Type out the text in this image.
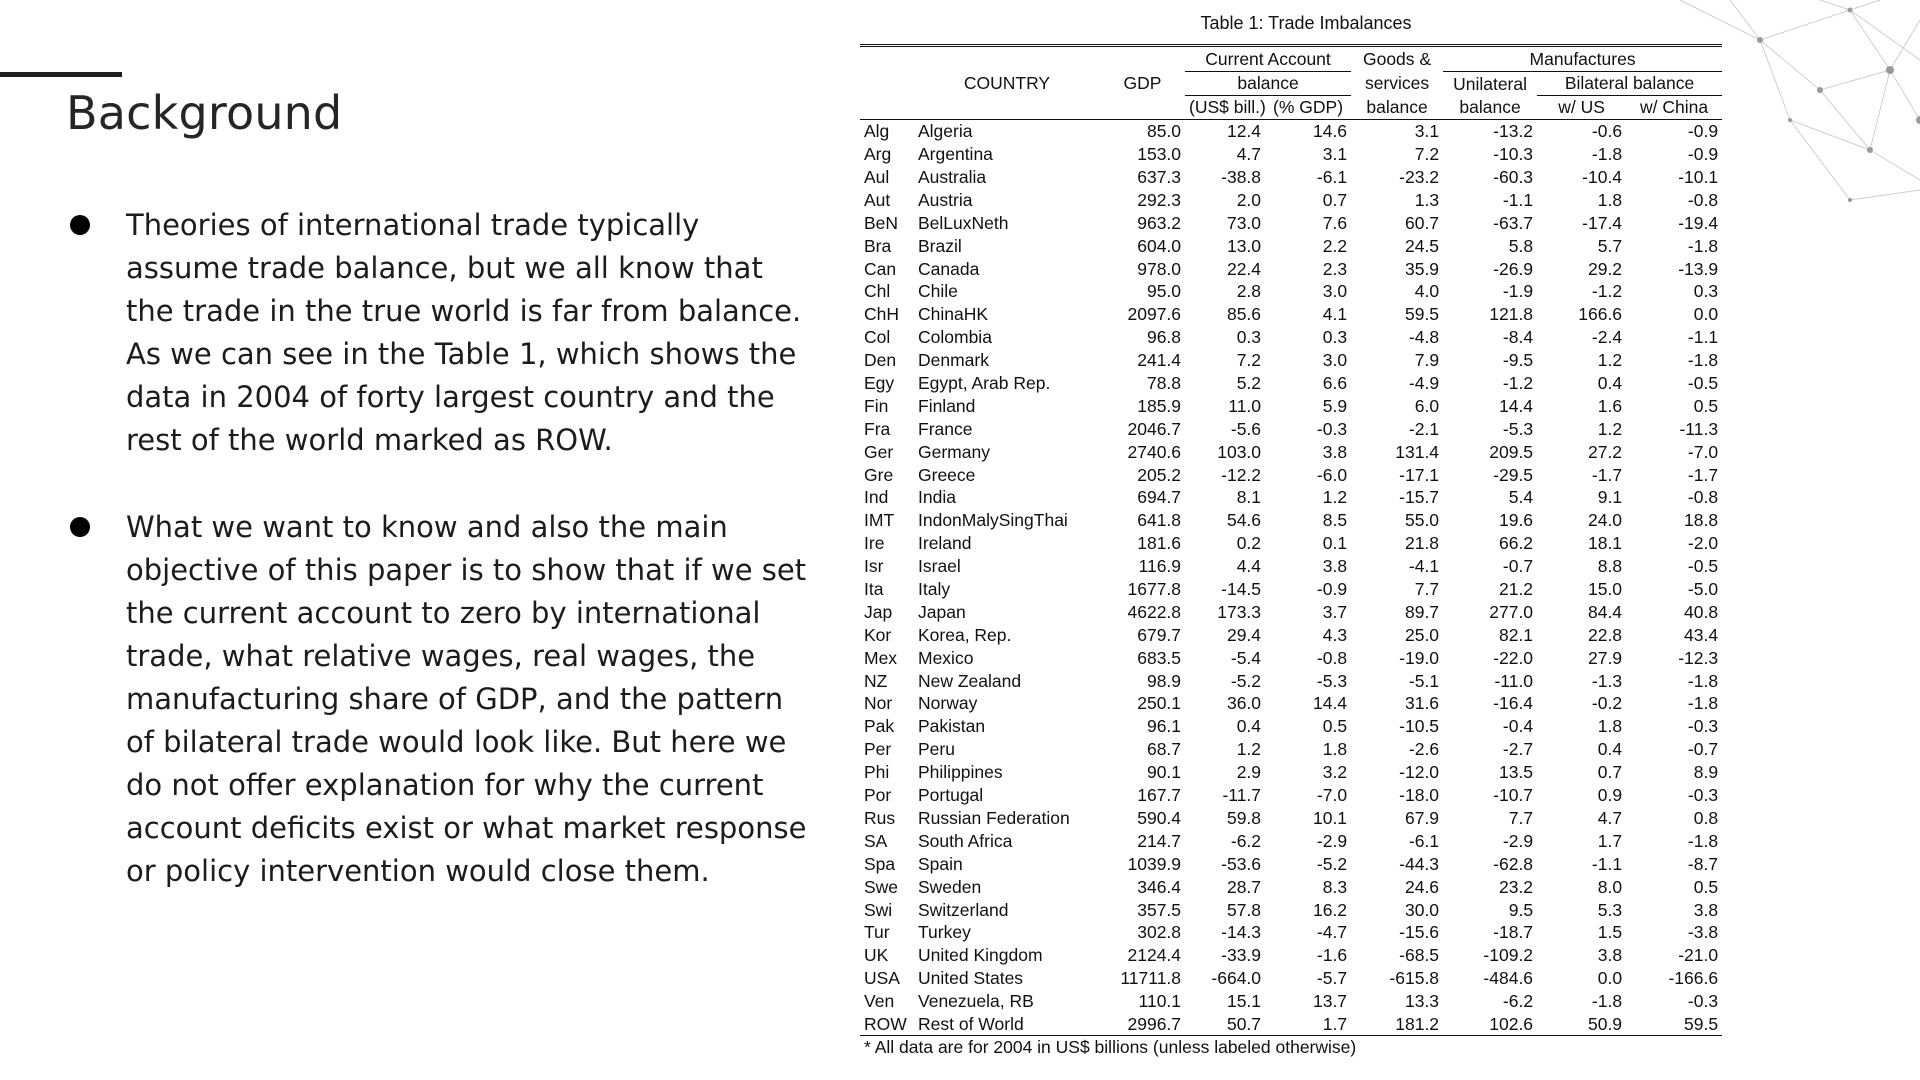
Background
Theories of international trade typically assume trade balance, but we all know that the trade in the true world is far from balance. As we can see in the Table 1, which shows the data in 2004 of forty largest country and the rest of the world marked as ROW.
What we want to know and also the main objective of this paper is to show that if we set the current account to zero by international trade, what relative wages, real wages, the manufacturing share of GDP, and the pattern of bilateral trade would look like. But here we do not offer explanation for why the current account deficits exist or what market response or policy intervention would close them.
Table 1: Trade Imbalances
			Current Account		Goods &	Manufactures		
	COUNTRY	GDP	balance		services	Unilateral	Bilateral balance	
			(US$ bill.)	(% GDP)	balance	balance	w/ US	w/ China
Alg	Algeria	85.0	12.4	14.6	3.1	-13.2	-0.6	-0.9
Arg	Argentina	153.0	4.7	3.1	7.2	-10.3	-1.8	-0.9
Aul	Australia	637.3	-38.8	-6.1	-23.2	-60.3	-10.4	-10.1
Aut	Austria	292.3	2.0	0.7	1.3	-1.1	1.8	-0.8
BeN	BelLuxNeth	963.2	73.0	7.6	60.7	-63.7	-17.4	-19.4
Bra	Brazil	604.0	13.0	2.2	24.5	5.8	5.7	-1.8
Can	Canada	978.0	22.4	2.3	35.9	-26.9	29.2	-13.9
Chl	Chile	95.0	2.8	3.0	4.0	-1.9	-1.2	0.3
ChH	ChinaHK	2097.6	85.6	4.1	59.5	121.8	166.6	0.0
Col	Colombia	96.8	0.3	0.3	-4.8	-8.4	-2.4	-1.1
Den	Denmark	241.4	7.2	3.0	7.9	-9.5	1.2	-1.8
Egy	Egypt, Arab Rep.	78.8	5.2	6.6	-4.9	-1.2	0.4	-0.5
Fin	Finland	185.9	11.0	5.9	6.0	14.4	1.6	0.5
Fra	France	2046.7	-5.6	-0.3	-2.1	-5.3	1.2	-11.3
Ger	Germany	2740.6	103.0	3.8	131.4	209.5	27.2	-7.0
Gre	Greece	205.2	-12.2	-6.0	-17.1	-29.5	-1.7	-1.7
Ind	India	694.7	8.1	1.2	-15.7	5.4	9.1	-0.8
IMT	IndonMalySingThai	641.8	54.6	8.5	55.0	19.6	24.0	18.8
Ire	Ireland	181.6	0.2	0.1	21.8	66.2	18.1	-2.0
Isr	Israel	116.9	4.4	3.8	-4.1	-0.7	8.8	-0.5
Ita	Italy	1677.8	-14.5	-0.9	7.7	21.2	15.0	-5.0
Jap	Japan	4622.8	173.3	3.7	89.7	277.0	84.4	40.8
Kor	Korea, Rep.	679.7	29.4	4.3	25.0	82.1	22.8	43.4
Mex	Mexico	683.5	-5.4	-0.8	-19.0	-22.0	27.9	-12.3
NZ	New Zealand	98.9	-5.2	-5.3	-5.1	-11.0	-1.3	-1.8
Nor	Norway	250.1	36.0	14.4	31.6	-16.4	-0.2	-1.8
Pak	Pakistan	96.1	0.4	0.5	-10.5	-0.4	1.8	-0.3
Per	Peru	68.7	1.2	1.8	-2.6	-2.7	0.4	-0.7
Phi	Philippines	90.1	2.9	3.2	-12.0	13.5	0.7	8.9
Por	Portugal	167.7	-11.7	-7.0	-18.0	-10.7	0.9	-0.3
Rus	Russian Federation	590.4	59.8	10.1	67.9	7.7	4.7	0.8
SA	South Africa	214.7	-6.2	-2.9	-6.1	-2.9	1.7	-1.8
Spa	Spain	1039.9	-53.6	-5.2	-44.3	-62.8	-1.1	-8.7
Swe	Sweden	346.4	28.7	8.3	24.6	23.2	8.0	0.5
Swi	Switzerland	357.5	57.8	16.2	30.0	9.5	5.3	3.8
Tur	Turkey	302.8	-14.3	-4.7	-15.6	-18.7	1.5	-3.8
UK	United Kingdom	2124.4	-33.9	-1.6	-68.5	-109.2	3.8	-21.0
USA	United States	11711.8	-664.0	-5.7	-615.8	-484.6	0.0	-166.6
Ven	Venezuela, RB	110.1	15.1	13.7	13.3	-6.2	-1.8	-0.3
ROW	Rest of World	2996.7	50.7	1.7	181.2	102.6	50.9	59.5
* All data are for 2004 in US$ billions (unless labeled otherwise)
